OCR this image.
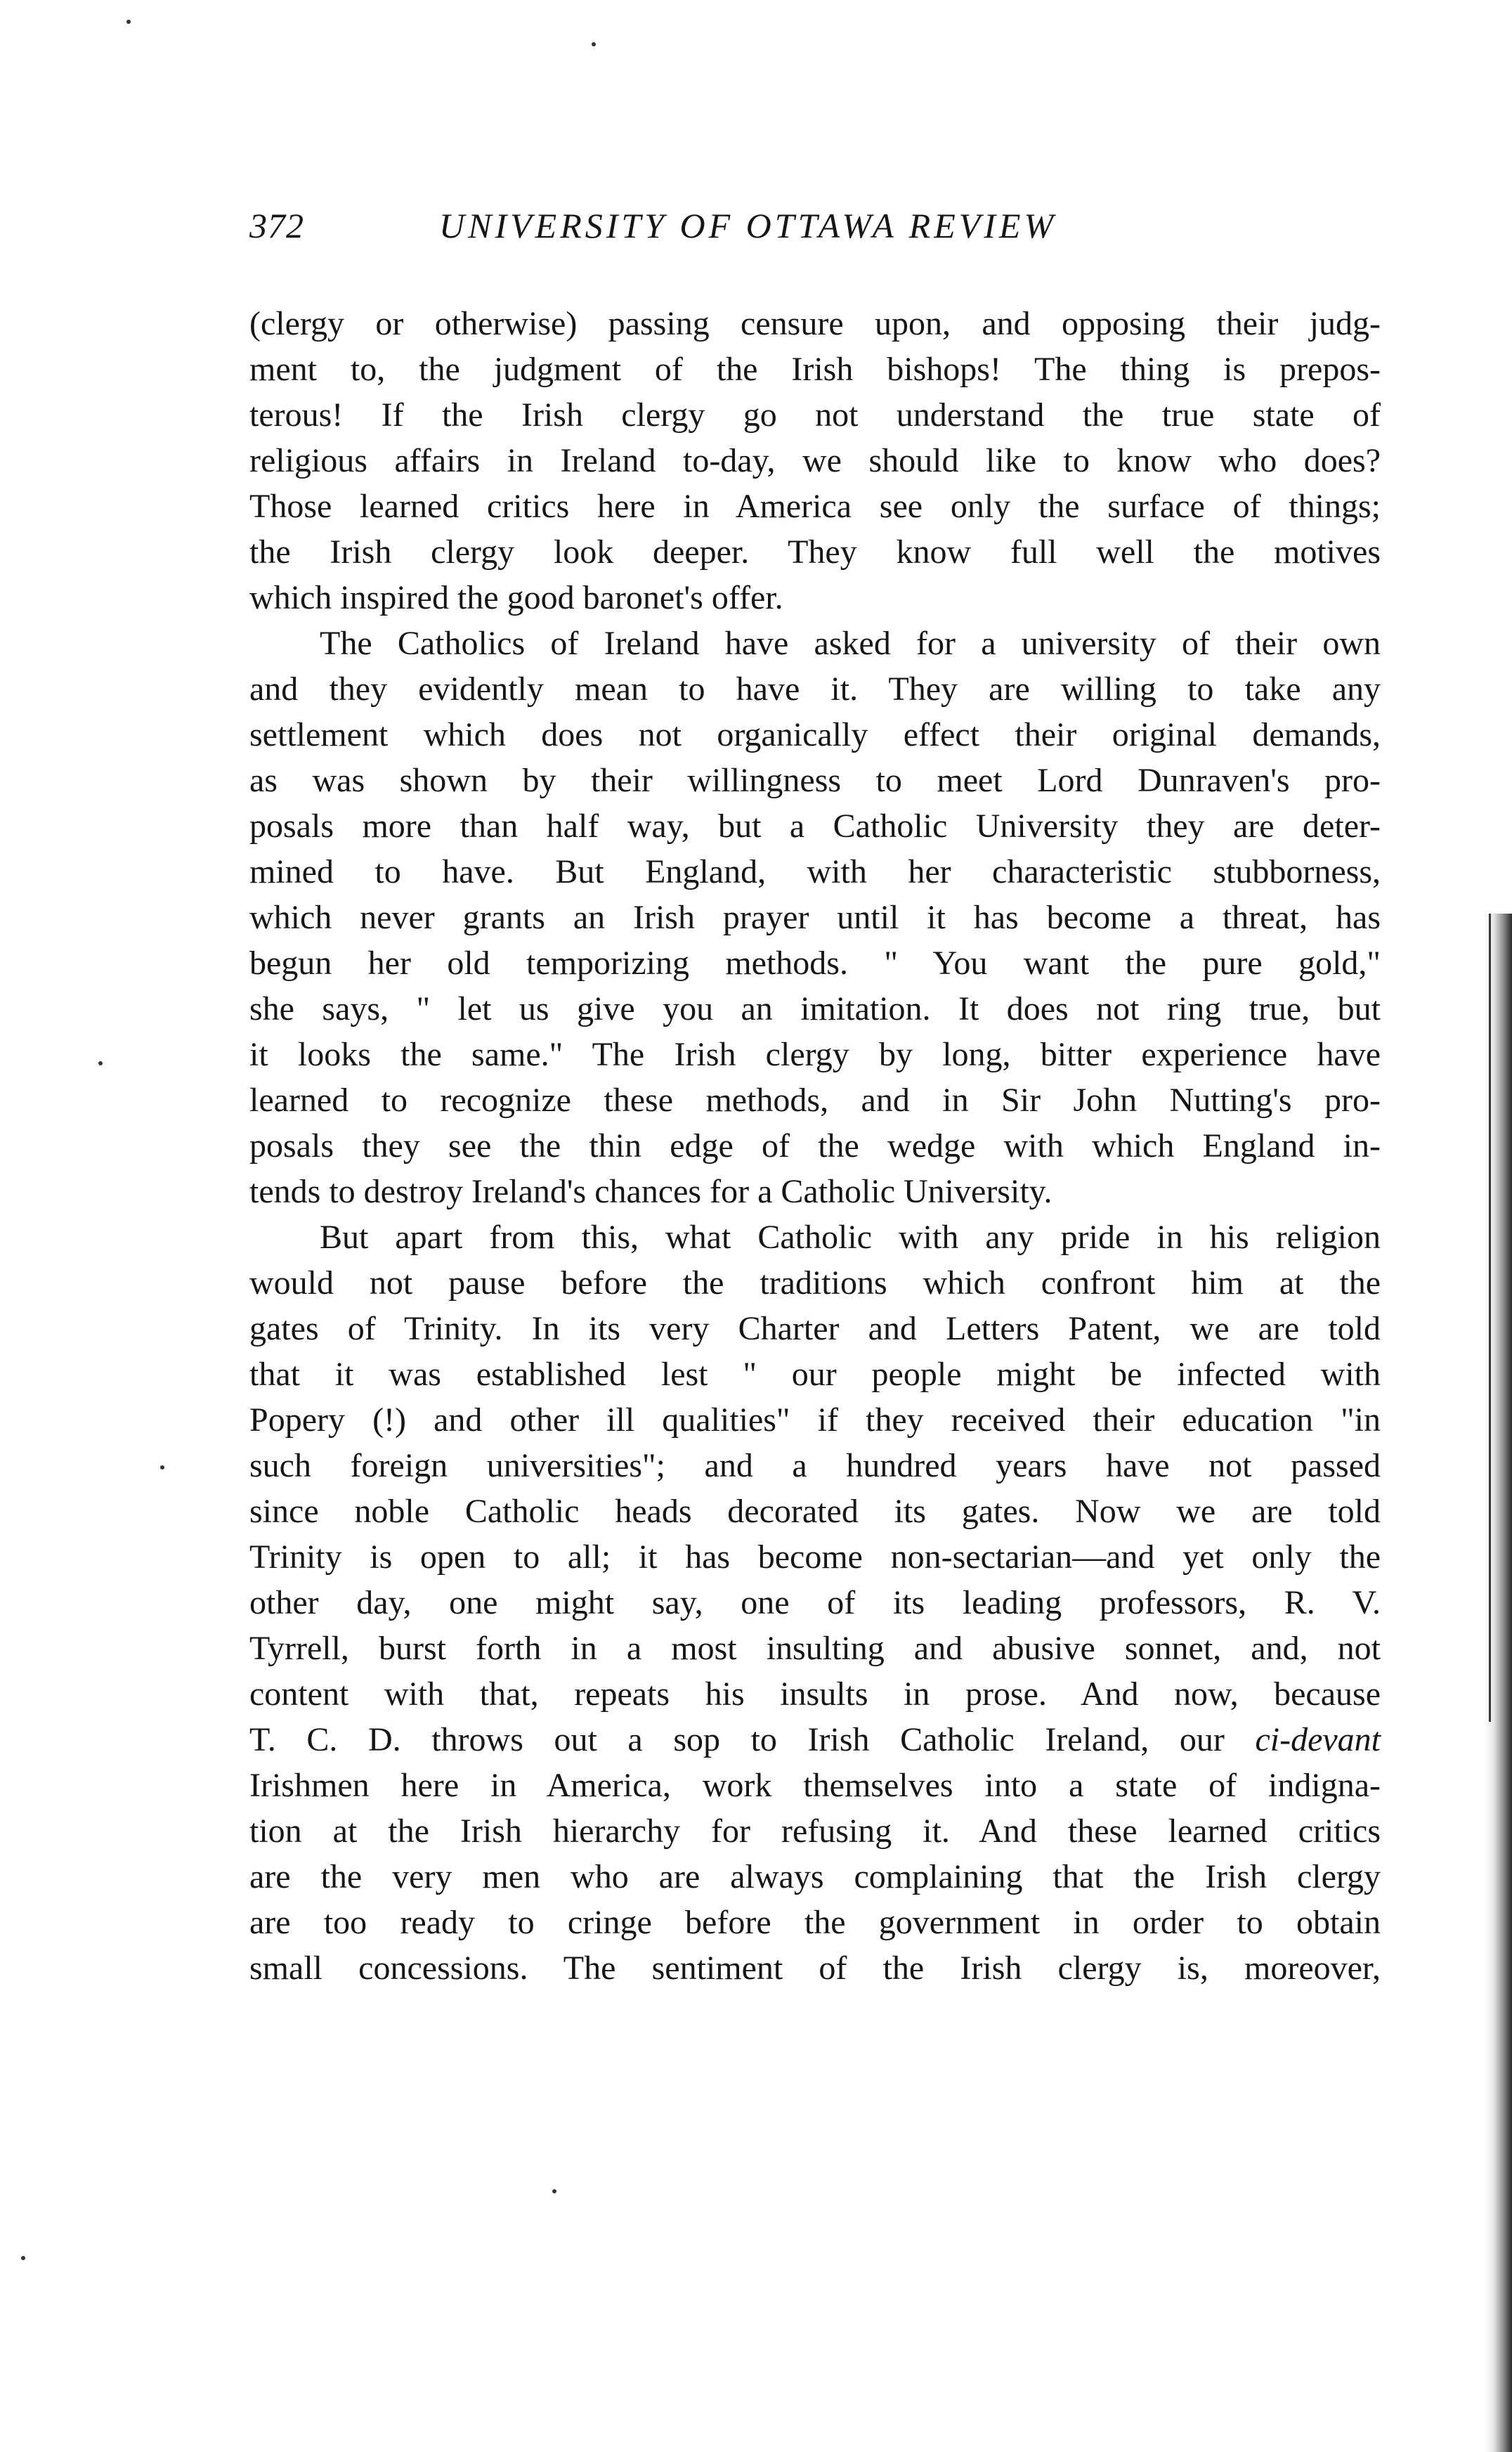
372	UNIVERSITY OF OTTAWA REVIEW
(clergy or otherwise) passing censure upon, and opposing their judg-
ment to, the judgment of the Irish bishops! The thing is prepos-
terous! If the Irish clergy go not understand the true state of
religious affairs in Ireland to-day, we should like to know who does?
Those learned critics here in America see only the surface of things;
the Irish clergy look deeper. They know full well the motives
which inspired the good baronet's offer.
The Catholics of Ireland have asked for a university of their own
and they evidently mean to have it. They are willing to take any
settlement which does not organically effect their original demands,
as was shown by their willingness to meet Lord Dunraven's pro-
posals more than half way, but a Catholic University they are deter-
mined to have. But England, with her characteristic stubborness,
which never grants an Irish prayer until it has become a threat, has
begun her old temporizing methods. " You want the pure gold,"
she says, " let us give you an imitation. It does not ring true, but
it looks the same." The Irish clergy by long, bitter experience have
learned to recognize these methods, and in Sir John Nutting's pro-
posals they see the thin edge of the wedge with which England in-
tends to destroy Ireland's chances for a Catholic University.
But apart from this, what Catholic with any pride in his religion
would not pause before the traditions which confront him at the
gates of Trinity. In its very Charter and Letters Patent, we are told
that it was established lest " our people might be infected with
Popery (!) and other ill qualities" if they received their education "in
such foreign universities"; and a hundred years have not passed
since noble Catholic heads decorated its gates. Now we are told
Trinity is open to all; it has become non-sectarian—and yet only the
other day, one might say, one of its leading professors, R. V.
Tyrrell, burst forth in a most insulting and abusive sonnet, and, not
content with that, repeats his insults in prose. And now, because
T. C. D. throws out a sop to Irish Catholic Ireland, our ci-devant
Irishmen here in America, work themselves into a state of indigna-
tion at the Irish hierarchy for refusing it. And these learned critics
are the very men who are always complaining that the Irish clergy
are too ready to cringe before the government in order to obtain
small concessions. The sentiment of the Irish clergy is, moreover,
